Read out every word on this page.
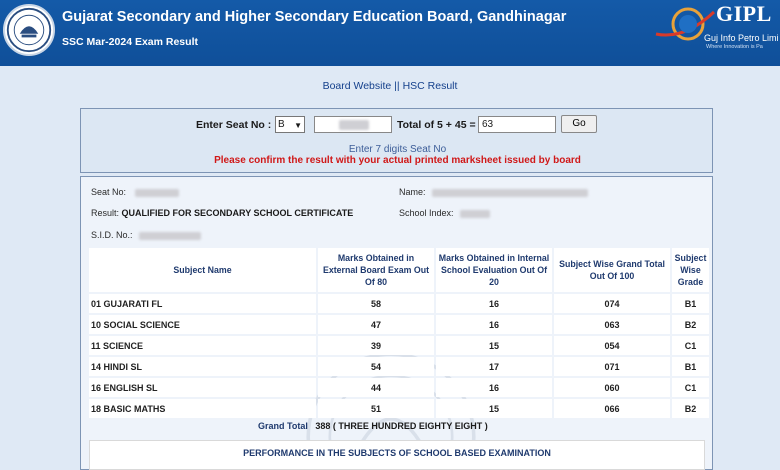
Gujarat Secondary and Higher Secondary Education Board, Gandhinagar
SSC Mar-2024 Exam Result
GIPL
Guj Info Petro Limi
Where Innovation is Pa
Board Website || HSC Result
Enter Seat No : B ▼	Total of 5 + 45 = 63	Go
Enter 7 digits Seat No
Please confirm the result with your actual printed marksheet issued by board
Seat No:	Name:
Result: QUALIFIED FOR SECONDARY SCHOOL CERTIFICATE	School Index:
S.I.D. No.:
Subject Name	Marks Obtained in External Board Exam Out Of 80	Marks Obtained in Internal School Evaluation Out Of 20	Subject Wise Grand Total Out Of 100	Subject Wise Grade
01 GUJARATI FL	58	16	074	B1
10 SOCIAL SCIENCE	47	16	063	B2
11 SCIENCE	39	15	054	C1
14 HINDI SL	54	17	071	B1
16 ENGLISH SL	44	16	060	C1
18 BASIC MATHS	51	15	066	B2
Grand Total 388 ( THREE HUNDRED EIGHTY EIGHT )
PERFORMANCE IN THE SUBJECTS OF SCHOOL BASED EXAMINATION
